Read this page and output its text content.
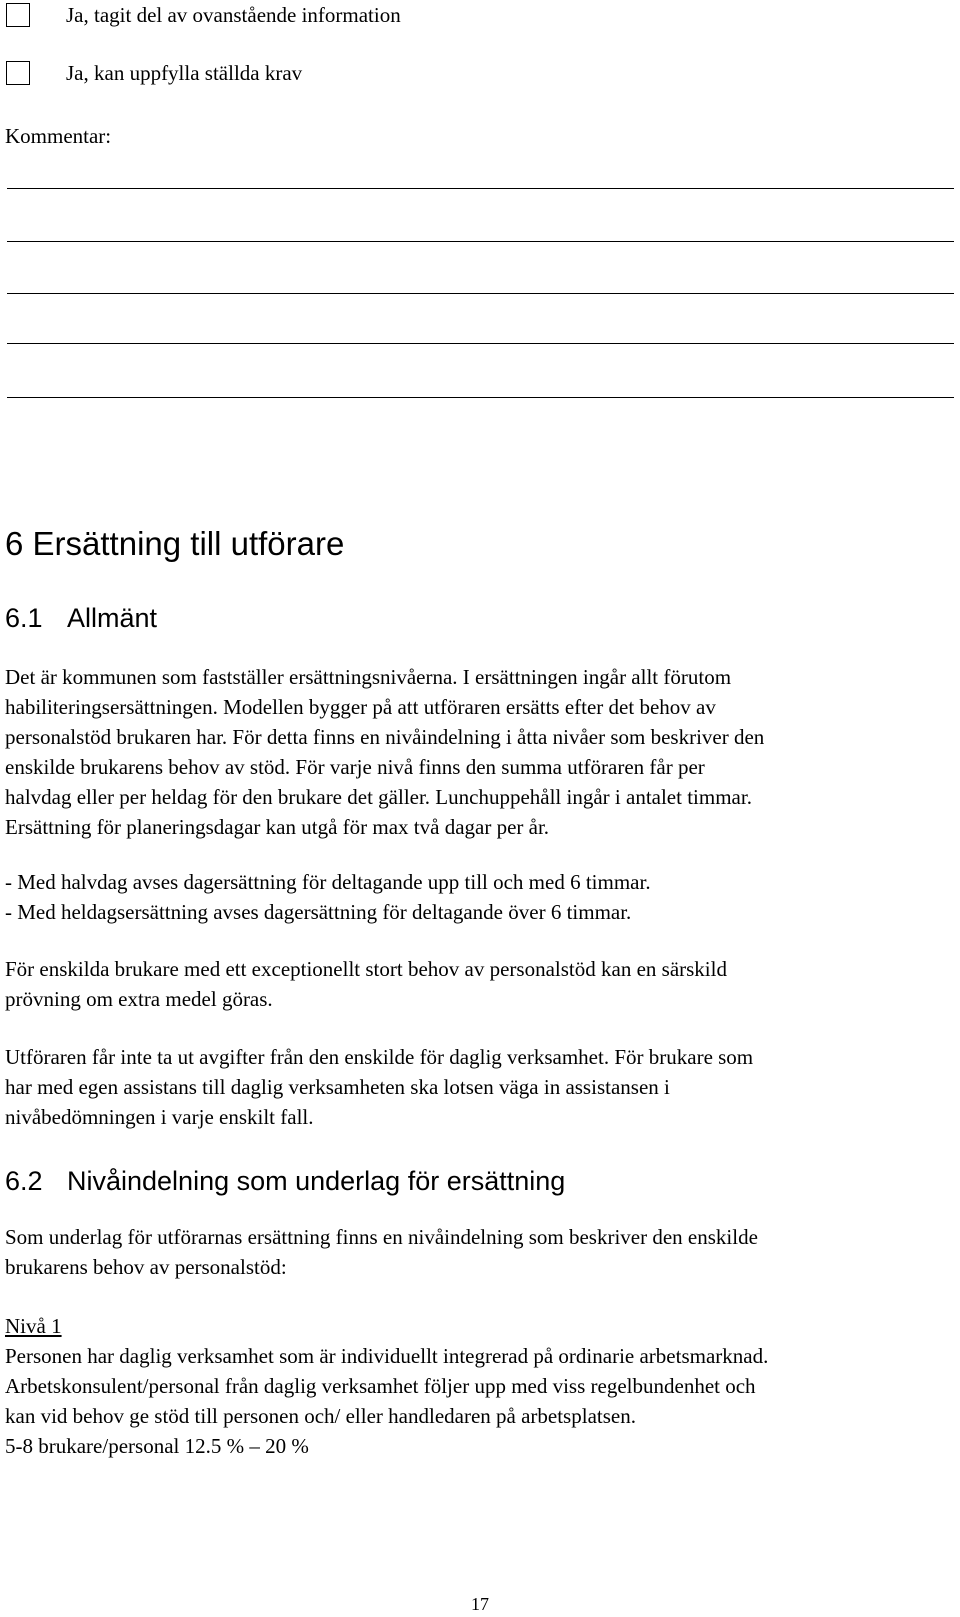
Ja, tagit del av ovanstående information
Ja, kan uppfylla ställda krav
Kommentar:
6 Ersättning till utförare
6.1 Allmänt
Det är kommunen som fastställer ersättningsnivåerna. I ersättningen ingår allt förutom
habiliteringsersättningen. Modellen bygger på att utföraren ersätts efter det behov av
personalstöd brukaren har. För detta finns en nivåindelning i åtta nivåer som beskriver den
enskilde brukarens behov av stöd. För varje nivå finns den summa utföraren får per
halvdag eller per heldag för den brukare det gäller. Lunchuppehåll ingår i antalet timmar.
Ersättning för planeringsdagar kan utgå för max två dagar per år.
- Med halvdag avses dagersättning för deltagande upp till och med 6 timmar.
- Med heldagsersättning avses dagersättning för deltagande över 6 timmar.
För enskilda brukare med ett exceptionellt stort behov av personalstöd kan en särskild
prövning om extra medel göras.
Utföraren får inte ta ut avgifter från den enskilde för daglig verksamhet. För brukare som
har med egen assistans till daglig verksamheten ska lotsen väga in assistansen i
nivåbedömningen i varje enskilt fall.
6.2 Nivåindelning som underlag för ersättning
Som underlag för utförarnas ersättning finns en nivåindelning som beskriver den enskilde
brukarens behov av personalstöd:
Nivå 1
Personen har daglig verksamhet som är individuellt integrerad på ordinarie arbetsmarknad.
Arbetskonsulent/personal från daglig verksamhet följer upp med viss regelbundenhet och
kan vid behov ge stöd till personen och/ eller handledaren på arbetsplatsen.
5-8 brukare/personal 12.5 % – 20 %
17
